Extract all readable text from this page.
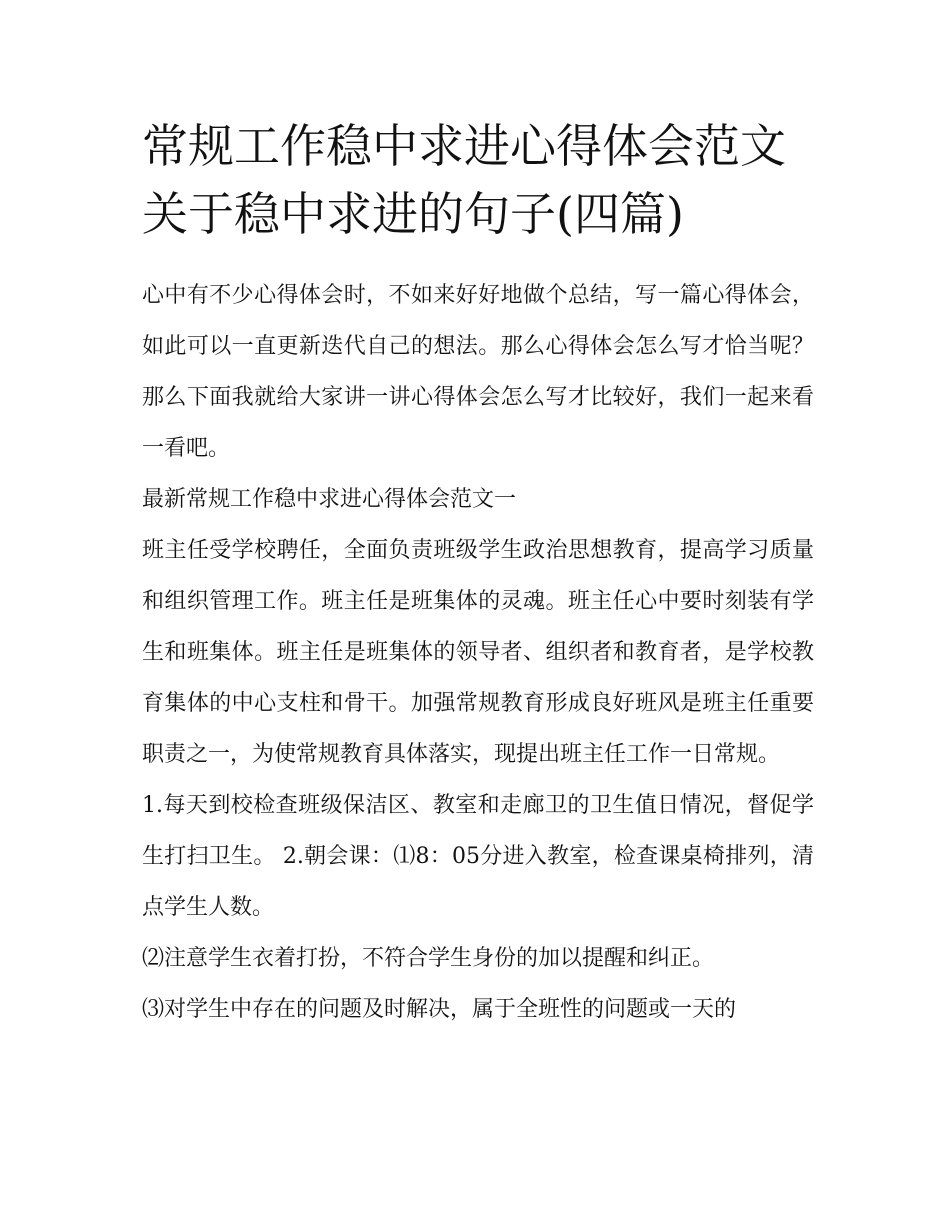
常规工作稳中求进心得体会范文 关于稳中求进的句子(四篇)

心中有不少心得体会时，不如来好好地做个总结，写一篇心得体会，如此可以一直更新迭代自己的想法。那么心得体会怎么写才恰当呢？那么下面我就给大家讲一讲心得体会怎么写才比较好，我们一起来看一看吧。

最新常规工作稳中求进心得体会范文一

班主任受学校聘任，全面负责班级学生政治思想教育，提高学习质量和组织管理工作。班主任是班集体的灵魂。班主任心中要时刻装有学生和班集体。班主任是班集体的领导者、组织者和教育者，是学校教育集体的中心支柱和骨干。加强常规教育形成良好班风是班主任重要职责之一，为使常规教育具体落实，现提出班主任工作一日常规。

1.每天到校检查班级保洁区、教室和走廊卫的卫生值日情况，督促学生打扫卫生。 2.朝会课：⑴8：05分进入教室，检查课桌椅排列，清点学生人数。

⑵注意学生衣着打扮，不符合学生身份的加以提醒和纠正。

⑶对学生中存在的问题及时解决，属于全班性的问题或一天的
